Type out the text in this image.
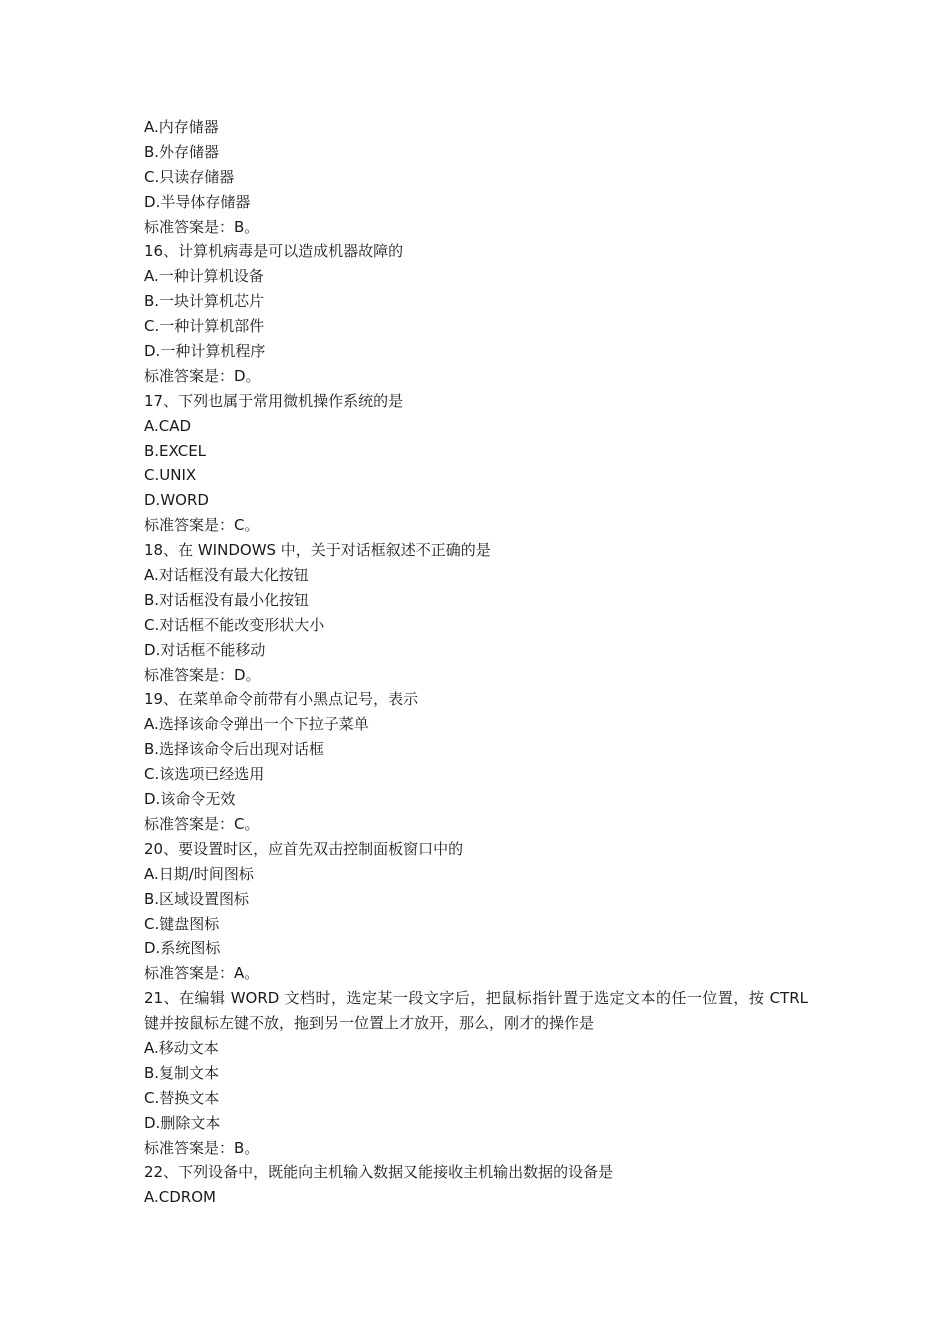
A.内存储器
B.外存储器
C.只读存储器
D.半导体存储器
标准答案是：B。
16、计算机病毒是可以造成机器故障的
A.一种计算机设备
B.一块计算机芯片
C.一种计算机部件
D.一种计算机程序
标准答案是：D。
17、下列也属于常用微机操作系统的是
A.CAD
B.EXCEL
C.UNIX
D.WORD
标准答案是：C。
18、在 WINDOWS 中，关于对话框叙述不正确的是
A.对话框没有最大化按钮
B.对话框没有最小化按钮
C.对话框不能改变形状大小
D.对话框不能移动
标准答案是：D。
19、在菜单命令前带有小黑点记号，表示
A.选择该命令弹出一个下拉子菜单
B.选择该命令后出现对话框
C.该选项已经选用
D.该命令无效
标准答案是：C。
20、要设置时区，应首先双击控制面板窗口中的
A.日期/时间图标
B.区域设置图标
C.键盘图标
D.系统图标
标准答案是：A。
21、在编辑 WORD 文档时，选定某一段文字后，把鼠标指针置于选定文本的任一位置，按 CTRL 键并按鼠标左键不放，拖到另一位置上才放开，那么，刚才的操作是
A.移动文本
B.复制文本
C.替换文本
D.删除文本
标准答案是：B。
22、下列设备中，既能向主机输入数据又能接收主机输出数据的设备是
A.CDROM
